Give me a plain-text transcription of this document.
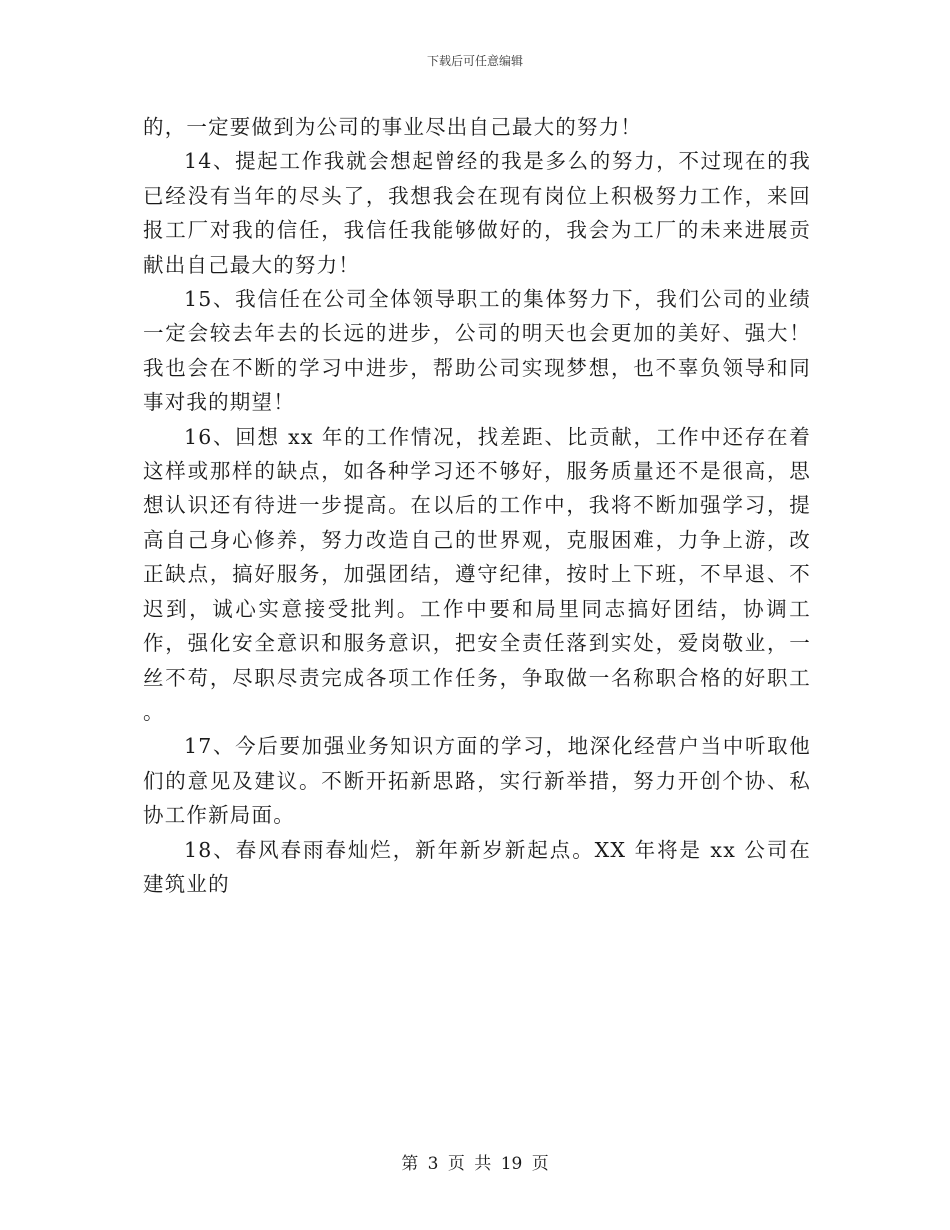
下载后可任意编辑

的，一定要做到为公司的事业尽出自己最大的努力！

14、提起工作我就会想起曾经的我是多么的努力，不过现在的我已经没有当年的尽头了，我想我会在现有岗位上积极努力工作，来回报工厂对我的信任，我信任我能够做好的，我会为工厂的未来进展贡献出自己最大的努力！

15、我信任在公司全体领导职工的集体努力下，我们公司的业绩一定会较去年去的长远的进步，公司的明天也会更加的美好、强大！我也会在不断的学习中进步，帮助公司实现梦想，也不辜负领导和同事对我的期望！

16、回想 xx 年的工作情况，找差距、比贡献，工作中还存在着这样或那样的缺点，如各种学习还不够好，服务质量还不是很高，思想认识还有待进一步提高。在以后的工作中，我将不断加强学习，提高自己身心修养，努力改造自己的世界观，克服困难，力争上游，改正缺点，搞好服务，加强团结，遵守纪律，按时上下班，不早退、不迟到，诚心实意接受批判。工作中要和局里同志搞好团结，协调工作，强化安全意识和服务意识，把安全责任落到实处，爱岗敬业，一丝不苟，尽职尽责完成各项工作任务，争取做一名称职合格的好职工 。

17、今后要加强业务知识方面的学习，地深化经营户当中听取他们的意见及建议。不断开拓新思路，实行新举措，努力开创个协、私协工作新局面。

18、春风春雨春灿烂，新年新岁新起点。XX 年将是 xx 公司在建筑业的

第 3 页 共 19 页
